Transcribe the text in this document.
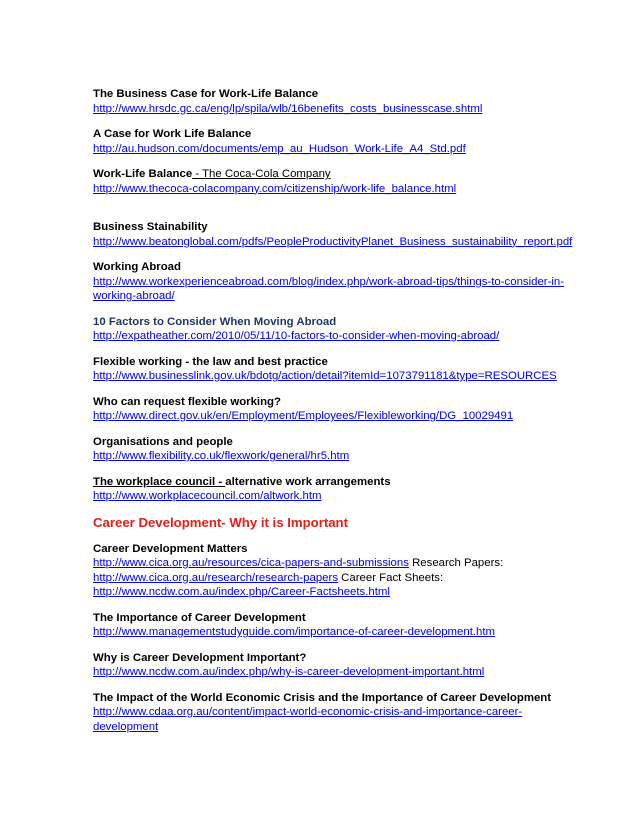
The Business Case for Work-Life Balance
http://www.hrsdc.gc.ca/eng/lp/spila/wlb/16benefits_costs_businesscase.shtml
A Case for Work Life Balance
http://au.hudson.com/documents/emp_au_Hudson_Work-Life_A4_Std.pdf
Work-Life Balance - The Coca-Cola Company
http://www.thecoca-colacompany.com/citizenship/work-life_balance.html
Business Stainability
http://www.beatonglobal.com/pdfs/PeopleProductivityPlanet_Business_sustainability_report.pdf
Working Abroad
http://www.workexperienceabroad.com/blog/index.php/work-abroad-tips/things-to-consider-in-
working-abroad/
10 Factors to Consider When Moving Abroad
http://expatheather.com/2010/05/11/10-factors-to-consider-when-moving-abroad/
Flexible working - the law and best practice
http://www.businesslink.gov.uk/bdotg/action/detail?itemId=1073791181&type=RESOURCES
Who can request flexible working?
http://www.direct.gov.uk/en/Employment/Employees/Flexibleworking/DG_10029491
Organisations and people
http://www.flexibility.co.uk/flexwork/general/hr5.htm
The workplace council - alternative work arrangements
http://www.workplacecouncil.com/altwork.htm
Career Development- Why it is Important
Career Development Matters
http://www.cica.org.au/resources/cica-papers-and-submissions Research Papers:
http://www.cica.org.au/research/research-papers Career Fact Sheets:
http://www.ncdw.com.au/index.php/Career-Factsheets.html
The Importance of Career Development
http://www.managementstudyguide.com/importance-of-career-development.htm
Why is Career Development Important?
http://www.ncdw.com.au/index.php/why-is-career-development-important.html
The Impact of the World Economic Crisis and the Importance of Career Development
http://www.cdaa.org.au/content/impact-world-economic-crisis-and-importance-career-
development
